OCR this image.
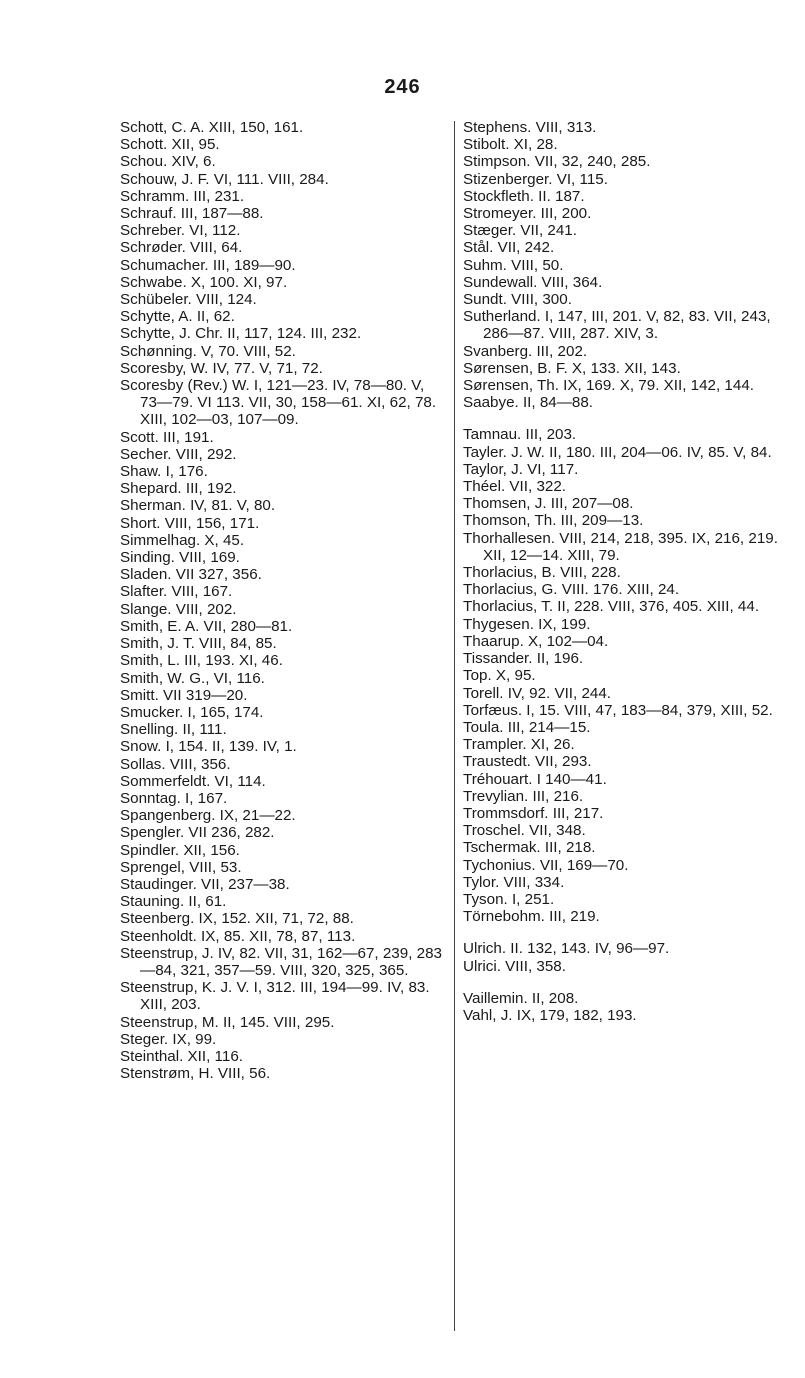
246

Schott, C. A. XIII, 150, 161.

Schott. XII, 95.

Schou. XIV, 6.

Schouw, J. F. VI, 111. VIII, 284.

Schramm. III, 231.

Schrauf. III, 187—88.

Schreber. VI, 112.

Schrøder. VIII, 64.

Schumacher. III, 189—90.

Schwabe. X, 100. XI, 97.

Schübeler. VIII, 124.

Schytte, A. II, 62.

Schytte, J. Chr. II, 117, 124. III, 232.

Schønning. V, 70. VIII, 52.

Scoresby, W. IV, 77. V, 71, 72.

Scoresby (Rev.) W. I, 121—23. IV, 78—80. V, 73—79. VI 113. VII, 30, 158—61. XI, 62, 78. XIII, 102—03, 107—09.

Scott. III, 191.

Secher. VIII, 292.

Shaw. I, 176.

Shepard. III, 192.

Sherman. IV, 81. V, 80.

Short. VIII, 156, 171.

Simmelhag. X, 45.

Sinding. VIII, 169.

Sladen. VII 327, 356.

Slafter. VIII, 167.

Slange. VIII, 202.

Smith, E. A. VII, 280—81.

Smith, J. T. VIII, 84, 85.

Smith, L. III, 193. XI, 46.

Smith, W. G., VI, 116.

Smitt. VII 319—20.

Smucker. I, 165, 174.

Snelling. II, 111.

Snow. I, 154. II, 139. IV, 1.

Sollas. VIII, 356.

Sommerfeldt. VI, 114.

Sonntag. I, 167.

Spangenberg. IX, 21—22.

Spengler. VII 236, 282.

Spindler. XII, 156.

Sprengel, VIII, 53.

Staudinger. VII, 237—38.

Stauning. II, 61.

Steenberg. IX, 152. XII, 71, 72, 88.

Steenholdt. IX, 85. XII, 78, 87, 113.

Steenstrup, J. IV, 82. VII, 31, 162—67, 239, 283—84, 321, 357—59. VIII, 320, 325, 365.

Steenstrup, K. J. V. I, 312. III, 194—99. IV, 83. XIII, 203.

Steenstrup, M. II, 145. VIII, 295.

Steger. IX, 99.

Steinthal. XII, 116.

Stenstrøm, H. VIII, 56.

Stephens. VIII, 313.

Stibolt. XI, 28.

Stimpson. VII, 32, 240, 285.

Stizenberger. VI, 115.

Stockfleth. II. 187.

Stromeyer. III, 200.

Stæger. VII, 241.

Stål. VII, 242.

Suhm. VIII, 50.

Sundewall. VIII, 364.

Sundt. VIII, 300.

Sutherland. I, 147, III, 201. V, 82, 83. VII, 243, 286—87. VIII, 287. XIV, 3.

Svanberg. III, 202.

Sørensen, B. F. X, 133. XII, 143.

Sørensen, Th. IX, 169. X, 79. XII, 142, 144.

Saabye. II, 84—88.

Tamnau. III, 203.

Tayler. J. W. II, 180. III, 204—06. IV, 85. V, 84.

Taylor, J. VI, 117.

Théel. VII, 322.

Thomsen, J. III, 207—08.

Thomson, Th. III, 209—13.

Thorhallesen. VIII, 214, 218, 395. IX, 216, 219. XII, 12—14. XIII, 79.

Thorlacius, B. VIII, 228.

Thorlacius, G. VIII. 176. XIII, 24.

Thorlacius, T. II, 228. VIII, 376, 405. XIII, 44.

Thygesen. IX, 199.

Thaarup. X, 102—04.

Tissander. II, 196.

Top. X, 95.

Torell. IV, 92. VII, 244.

Torfæus. I, 15. VIII, 47, 183—84, 379, XIII, 52.

Toula. III, 214—15.

Trampler. XI, 26.

Traustedt. VII, 293.

Tréhouart. I 140—41.

Trevylian. III, 216.

Trommsdorf. III, 217.

Troschel. VII, 348.

Tschermak. III, 218.

Tychonius. VII, 169—70.

Tylor. VIII, 334.

Tyson. I, 251.

Törnebohm. III, 219.

Ulrich. II. 132, 143. IV, 96—97.

Ulrici. VIII, 358.

Vaillemin. II, 208.

Vahl, J. IX, 179, 182, 193.
